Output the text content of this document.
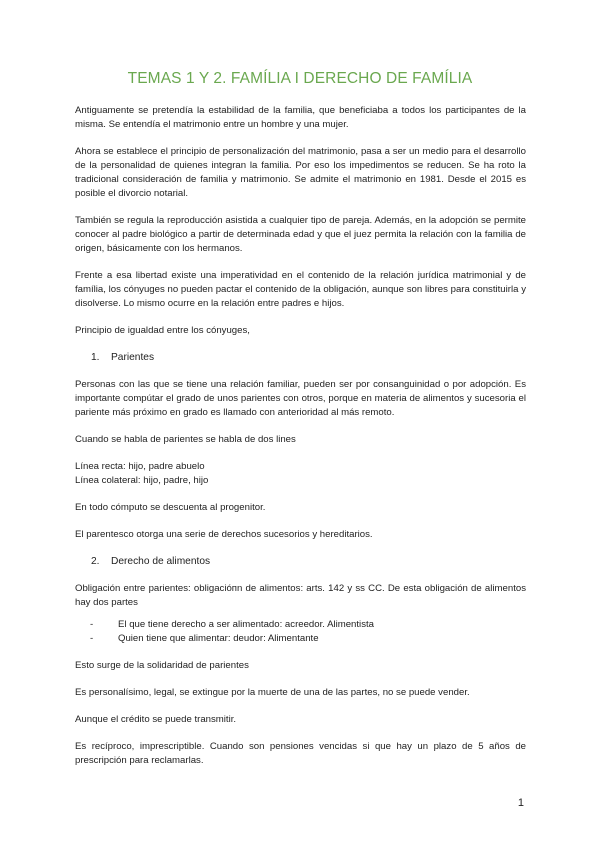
TEMAS 1 Y 2. FAMÍLIA I DERECHO DE FAMÍLIA

Antiguamente se pretendía la estabilidad de la familia, que beneficiaba a todos los participantes de la misma. Se entendía el matrimonio entre un hombre y una mujer.

Ahora se establece el principio de personalización del matrimonio, pasa a ser un medio para el desarrollo de la personalidad de quienes integran la familia. Por eso los impedimentos se reducen. Se ha roto la tradicional consideración de familia y matrimonio. Se admite el matrimonio en 1981. Desde el 2015 es posible el divorcio notarial.

También se regula la reproducción asistida a cualquier tipo de pareja. Además, en la adopción se permite conocer al padre biológico a partir de determinada edad y que el juez permita la relación con la familia de origen, básicamente con los hermanos.

Frente a esa libertad existe una imperatividad en el contenido de la relación jurídica matrimonial y de família, los cónyuges no pueden pactar el contenido de la obligación, aunque son libres para constituirla y disolverse. Lo mismo ocurre en la relación entre padres e hijos.

Principio de igualdad entre los cónyuges,

1.	Parientes

Personas con las que se tiene una relación familiar, pueden ser por consanguinidad o por adopción. Es importante compútar el grado de unos parientes con otros, porque en materia de alimentos y sucesoria el pariente más próximo en grado es llamado con anterioridad al más remoto.

Cuando se habla de parientes se habla de dos lines

Línea recta: hijo, padre abuelo

Línea colateral: hijo, padre, hijo

En todo cómputo se descuenta al progenitor.

El parentesco otorga una serie de derechos sucesorios y hereditarios.

2.	Derecho de alimentos

Obligación entre parientes: obligacióпn de alimentos: arts. 142 y ss CC. De esta obligación de alimentos hay dos partes

-	El que tiene derecho a ser alimentado: acreedor. Alimentista
-	Quien tiene que alimentar: deudor: Alimentante

Esto surge de la solidaridad de parientes

Es personalísimo, legal, se extingue por la muerte de una de las partes, no se puede vender.

Aunque el crédito se puede transmitir.

Es recíproco, imprescriptible. Cuando son pensiones vencidas si que hay un plazo de 5 años de prescripción para reclamarlas.

1
